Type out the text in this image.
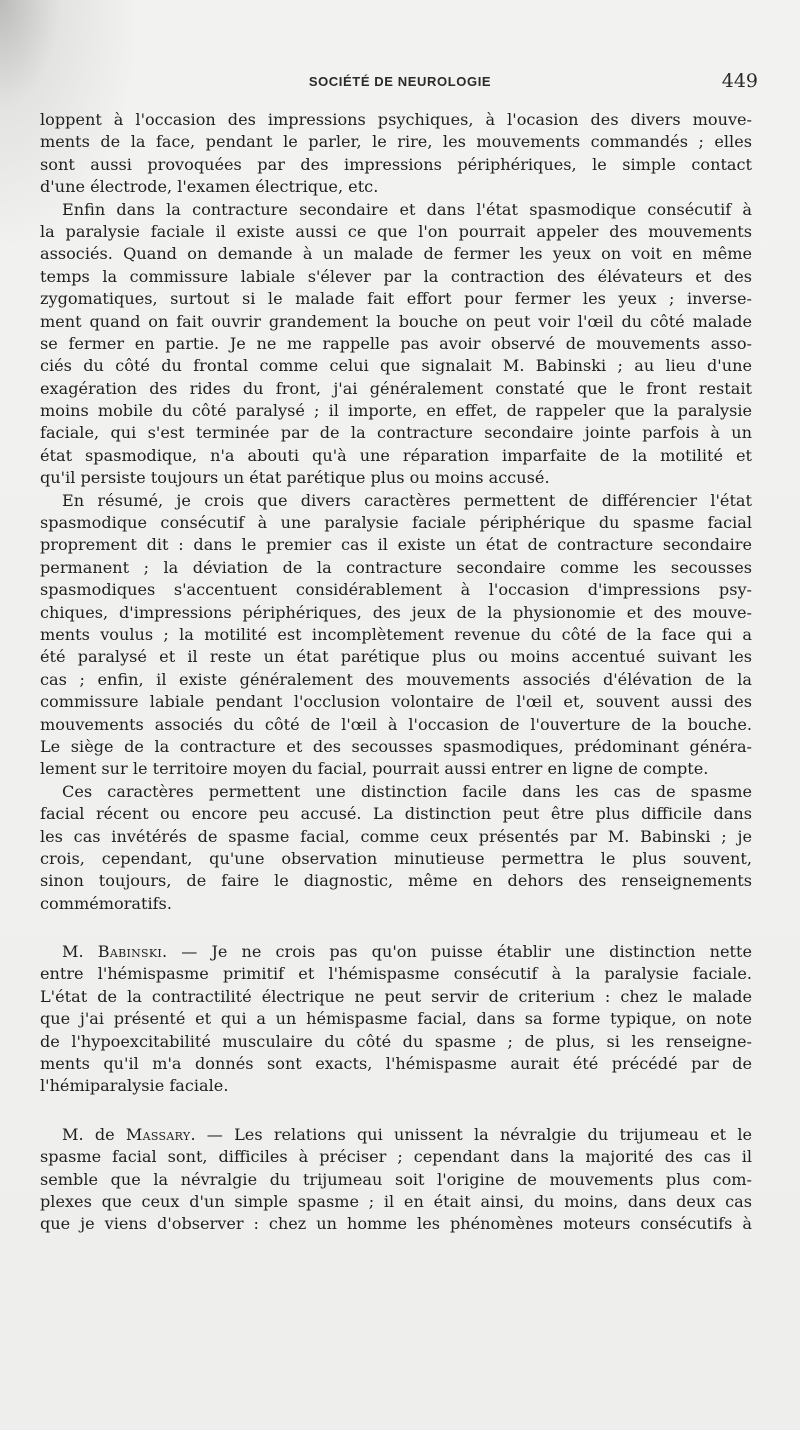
SOCIÉTÉ DE NEUROLOGIE	449
loppent à l'occasion des impressions psychiques, à l'ocasion des divers mouve-
ments de la face, pendant le parler, le rire, les mouvements commandés ; elles
sont aussi provoquées par des impressions périphériques, le simple contact
d'une électrode, l'examen électrique, etc.
Enfin dans la contracture secondaire et dans l'état spasmodique consécutif à
la paralysie faciale il existe aussi ce que l'on pourrait appeler des mouvements
associés. Quand on demande à un malade de fermer les yeux on voit en même
temps la commissure labiale s'élever par la contraction des élévateurs et des
zygomatiques, surtout si le malade fait effort pour fermer les yeux ; inverse-
ment quand on fait ouvrir grandement la bouche on peut voir l'œil du côté malade
se fermer en partie. Je ne me rappelle pas avoir observé de mouvements asso-
ciés du côté du frontal comme celui que signalait M. Babinski ; au lieu d'une
exagération des rides du front, j'ai généralement constaté que le front restait
moins mobile du côté paralysé ; il importe, en effet, de rappeler que la paralysie
faciale, qui s'est terminée par de la contracture secondaire jointe parfois à un
état spasmodique, n'a abouti qu'à une réparation imparfaite de la motilité et
qu'il persiste toujours un état parétique plus ou moins accusé.
En résumé, je crois que divers caractères permettent de différencier l'état
spasmodique consécutif à une paralysie faciale périphérique du spasme facial
proprement dit : dans le premier cas il existe un état de contracture secondaire
permanent ; la déviation de la contracture secondaire comme les secousses
spasmodiques s'accentuent considérablement à l'occasion d'impressions psy-
chiques, d'impressions périphériques, des jeux de la physionomie et des mouve-
ments voulus ; la motilité est incomplètement revenue du côté de la face qui a
été paralysé et il reste un état parétique plus ou moins accentué suivant les
cas ; enfin, il existe généralement des mouvements associés d'élévation de la
commissure labiale pendant l'occlusion volontaire de l'œil et, souvent aussi des
mouvements associés du côté de l'œil à l'occasion de l'ouverture de la bouche.
Le siège de la contracture et des secousses spasmodiques, prédominant généra-
lement sur le territoire moyen du facial, pourrait aussi entrer en ligne de compte.
Ces caractères permettent une distinction facile dans les cas de spasme
facial récent ou encore peu accusé. La distinction peut être plus difficile dans
les cas invétérés de spasme facial, comme ceux présentés par M. Babinski ; je
crois, cependant, qu'une observation minutieuse permettra le plus souvent,
sinon toujours, de faire le diagnostic, même en dehors des renseignements
commémoratifs.
M. Babinski. — Je ne crois pas qu'on puisse établir une distinction nette
entre l'hémispasme primitif et l'hémispasme consécutif à la paralysie faciale.
L'état de la contractilité électrique ne peut servir de criterium : chez le malade
que j'ai présenté et qui a un hémispasme facial, dans sa forme typique, on note
de l'hypoexcitabilité musculaire du côté du spasme ; de plus, si les renseigne-
ments qu'il m'a donnés sont exacts, l'hémispasme aurait été précédé par de
l'hémiparalysie faciale.
M. de Massary. — Les relations qui unissent la névralgie du trijumeau et le
spasme facial sont, difficiles à préciser ; cependant dans la majorité des cas il
semble que la névralgie du trijumeau soit l'origine de mouvements plus com-
plexes que ceux d'un simple spasme ; il en était ainsi, du moins, dans deux cas
que je viens d'observer : chez un homme les phénomènes moteurs consécutifs à
